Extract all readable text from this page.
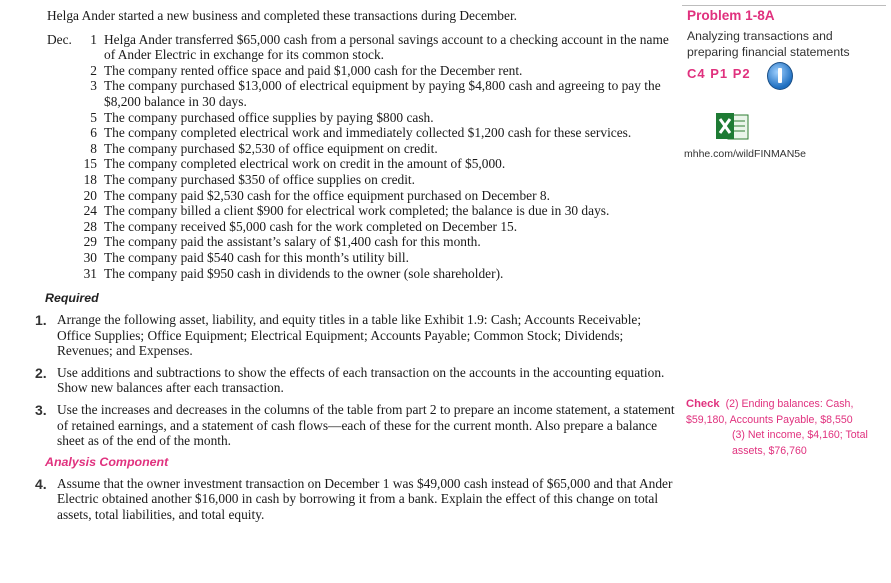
Helga Ander started a new business and completed these transactions during December.

Dec.	1 Helga Ander transferred $65,000 cash from a personal savings account to a checking account in the name of Ander Electric in exchange for its common stock.
2 The company rented office space and paid $1,000 cash for the December rent.
3 The company purchased $13,000 of electrical equipment by paying $4,800 cash and agreeing to pay the $8,200 balance in 30 days.
5 The company purchased office supplies by paying $800 cash.
6 The company completed electrical work and immediately collected $1,200 cash for these services.
8 The company purchased $2,530 of office equipment on credit.
15 The company completed electrical work on credit in the amount of $5,000.
18 The company purchased $350 of office supplies on credit.
20 The company paid $2,530 cash for the office equipment purchased on December 8.
24 The company billed a client $900 for electrical work completed; the balance is due in 30 days.
28 The company received $5,000 cash for the work completed on December 15.
29 The company paid the assistant’s salary of $1,400 cash for this month.
30 The company paid $540 cash for this month’s utility bill.
31 The company paid $950 cash in dividends to the owner (sole shareholder).
Required
1. Arrange the following asset, liability, and equity titles in a table like Exhibit 1.9: Cash; Accounts Receivable; Office Supplies; Office Equipment; Electrical Equipment; Accounts Payable; Common Stock; Dividends; Revenues; and Expenses.
2. Use additions and subtractions to show the effects of each transaction on the accounts in the accounting equation. Show new balances after each transaction.
3. Use the increases and decreases in the columns of the table from part 2 to prepare an income statement, a statement of retained earnings, and a statement of cash flows—each of these for the current month. Also prepare a balance sheet as of the end of the month.
Analysis Component
4. Assume that the owner investment transaction on December 1 was $49,000 cash instead of $65,000 and that Ander Electric obtained another $16,000 in cash by borrowing it from a bank. Explain the effect of this change on total assets, total liabilities, and total equity.
Problem 1-8A
Analyzing transactions and preparing financial statements
C4 P1 P2
mhhe.com/wildFINMAN5e
Check (2) Ending balances: Cash, $59,180, Accounts Payable, $8,550
(3) Net income, $4,160; Total assets, $76,760
